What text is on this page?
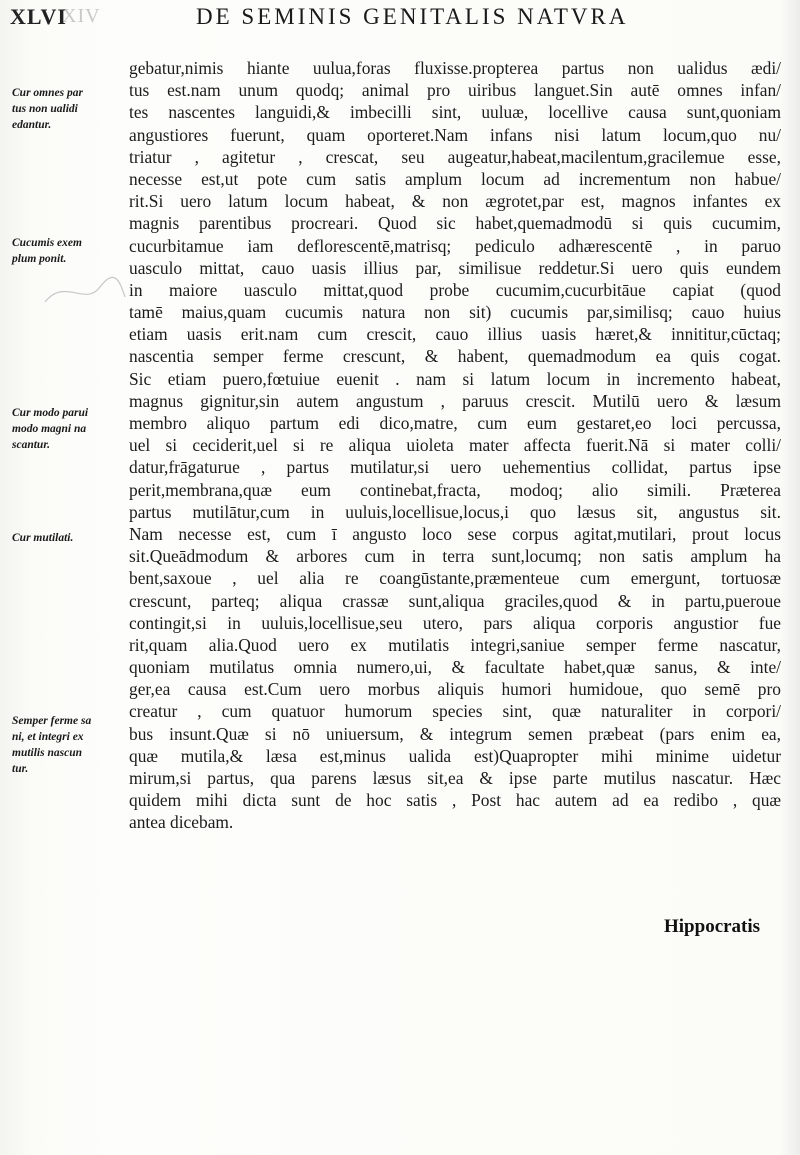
XIV
XLVI	DE SEMINIS GENITALIS NATVRA
Cur omnes par
tus non ualidi
edantur.
Cucumis exem
plum ponit.
Cur modo parui
modo magni na
scantur.
Cur mutilati.
Semper ferme sa
ni, et integri ex
mutilis nascun
tur.
gebatur,nimis hiante uulua,foras fluxisse.propterea partus non ualidus ædi/
tus est.nam unum quodq; animal pro uiribus languet.Sin autē omnes infan/
tes nascentes languidi,& imbecilli sint, uuluæ, locellive causa sunt,quoniam
angustiores fuerunt, quam oporteret.Nam infans nisi latum locum,quo nu/
triatur , agitetur , crescat, seu augeatur,habeat,macilentum,gracilemue esse,
necesse est,ut pote cum satis amplum locum ad incrementum non habue/
rit.Si uero latum locum habeat, & non ægrotet,par est, magnos infantes ex
magnis parentibus procreari. Quod sic habet,quemadmodū si quis cucumim,
cucurbitamue iam deflorescentē,matrisq; pediculo adhærescentē , in paruo
uasculo mittat, cauo uasis illius par, similisue reddetur.Si uero quis eundem
in maiore uasculo mittat,quod probe cucumim,cucurbitāue capiat (quod
tamē maius,quam cucumis natura non sit) cucumis par,similisq; cauo huius
etiam uasis erit.nam cum crescit, cauo illius uasis hæret,& innititur,cūctaq;
nascentia semper ferme crescunt, & habent, quemadmodum ea quis cogat.
Sic etiam puero,fœtuiue euenit . nam si latum locum in incremento habeat,
magnus gignitur,sin autem angustum , paruus crescit. Mutilū uero & læsum
membro aliquo partum edi dico,matre, cum eum gestaret,eo loci percussa,
uel si ceciderit,uel si re aliqua uioleta mater affecta fuerit.Nā si mater colli/
datur,frāgaturue , partus mutilatur,si uero uehementius collidat, partus ipse
perit,membrana,quæ eum continebat,fracta, modoq; alio simili. Præterea
partus mutilātur,cum in uuluis,locellisue,locus,i quo læsus sit, angustus sit.
Nam necesse est, cum ī angusto loco sese corpus agitat,mutilari, prout locus
sit.Queādmodum & arbores cum in terra sunt,locumq; non satis amplum ha
bent,saxoue , uel alia re coangūstante,præmenteue cum emergunt, tortuosæ
crescunt, parteq; aliqua crassæ sunt,aliqua graciles,quod & in partu,pueroue
contingit,si in uuluis,locellisue,seu utero, pars aliqua corporis angustior fue
rit,quam alia.Quod uero ex mutilatis integri,saniue semper ferme nascatur,
quoniam mutilatus omnia numero,ui, & facultate habet,quæ sanus, & inte/
ger,ea causa est.Cum uero morbus aliquis humori humidoue, quo semē pro
creatur , cum quatuor humorum species sint, quæ naturaliter in corpori/
bus insunt.Quæ si nō uniuersum, & integrum semen præbeat (pars enim ea,
quæ mutila,& læsa est,minus ualida est)Quapropter mihi minime uidetur
mirum,si partus, qua parens læsus sit,ea & ipse parte mutilus nascatur. Hæc
quidem mihi dicta sunt de hoc satis , Post hac autem ad ea redibo , quæ
antea dicebam.
Hippocratis
